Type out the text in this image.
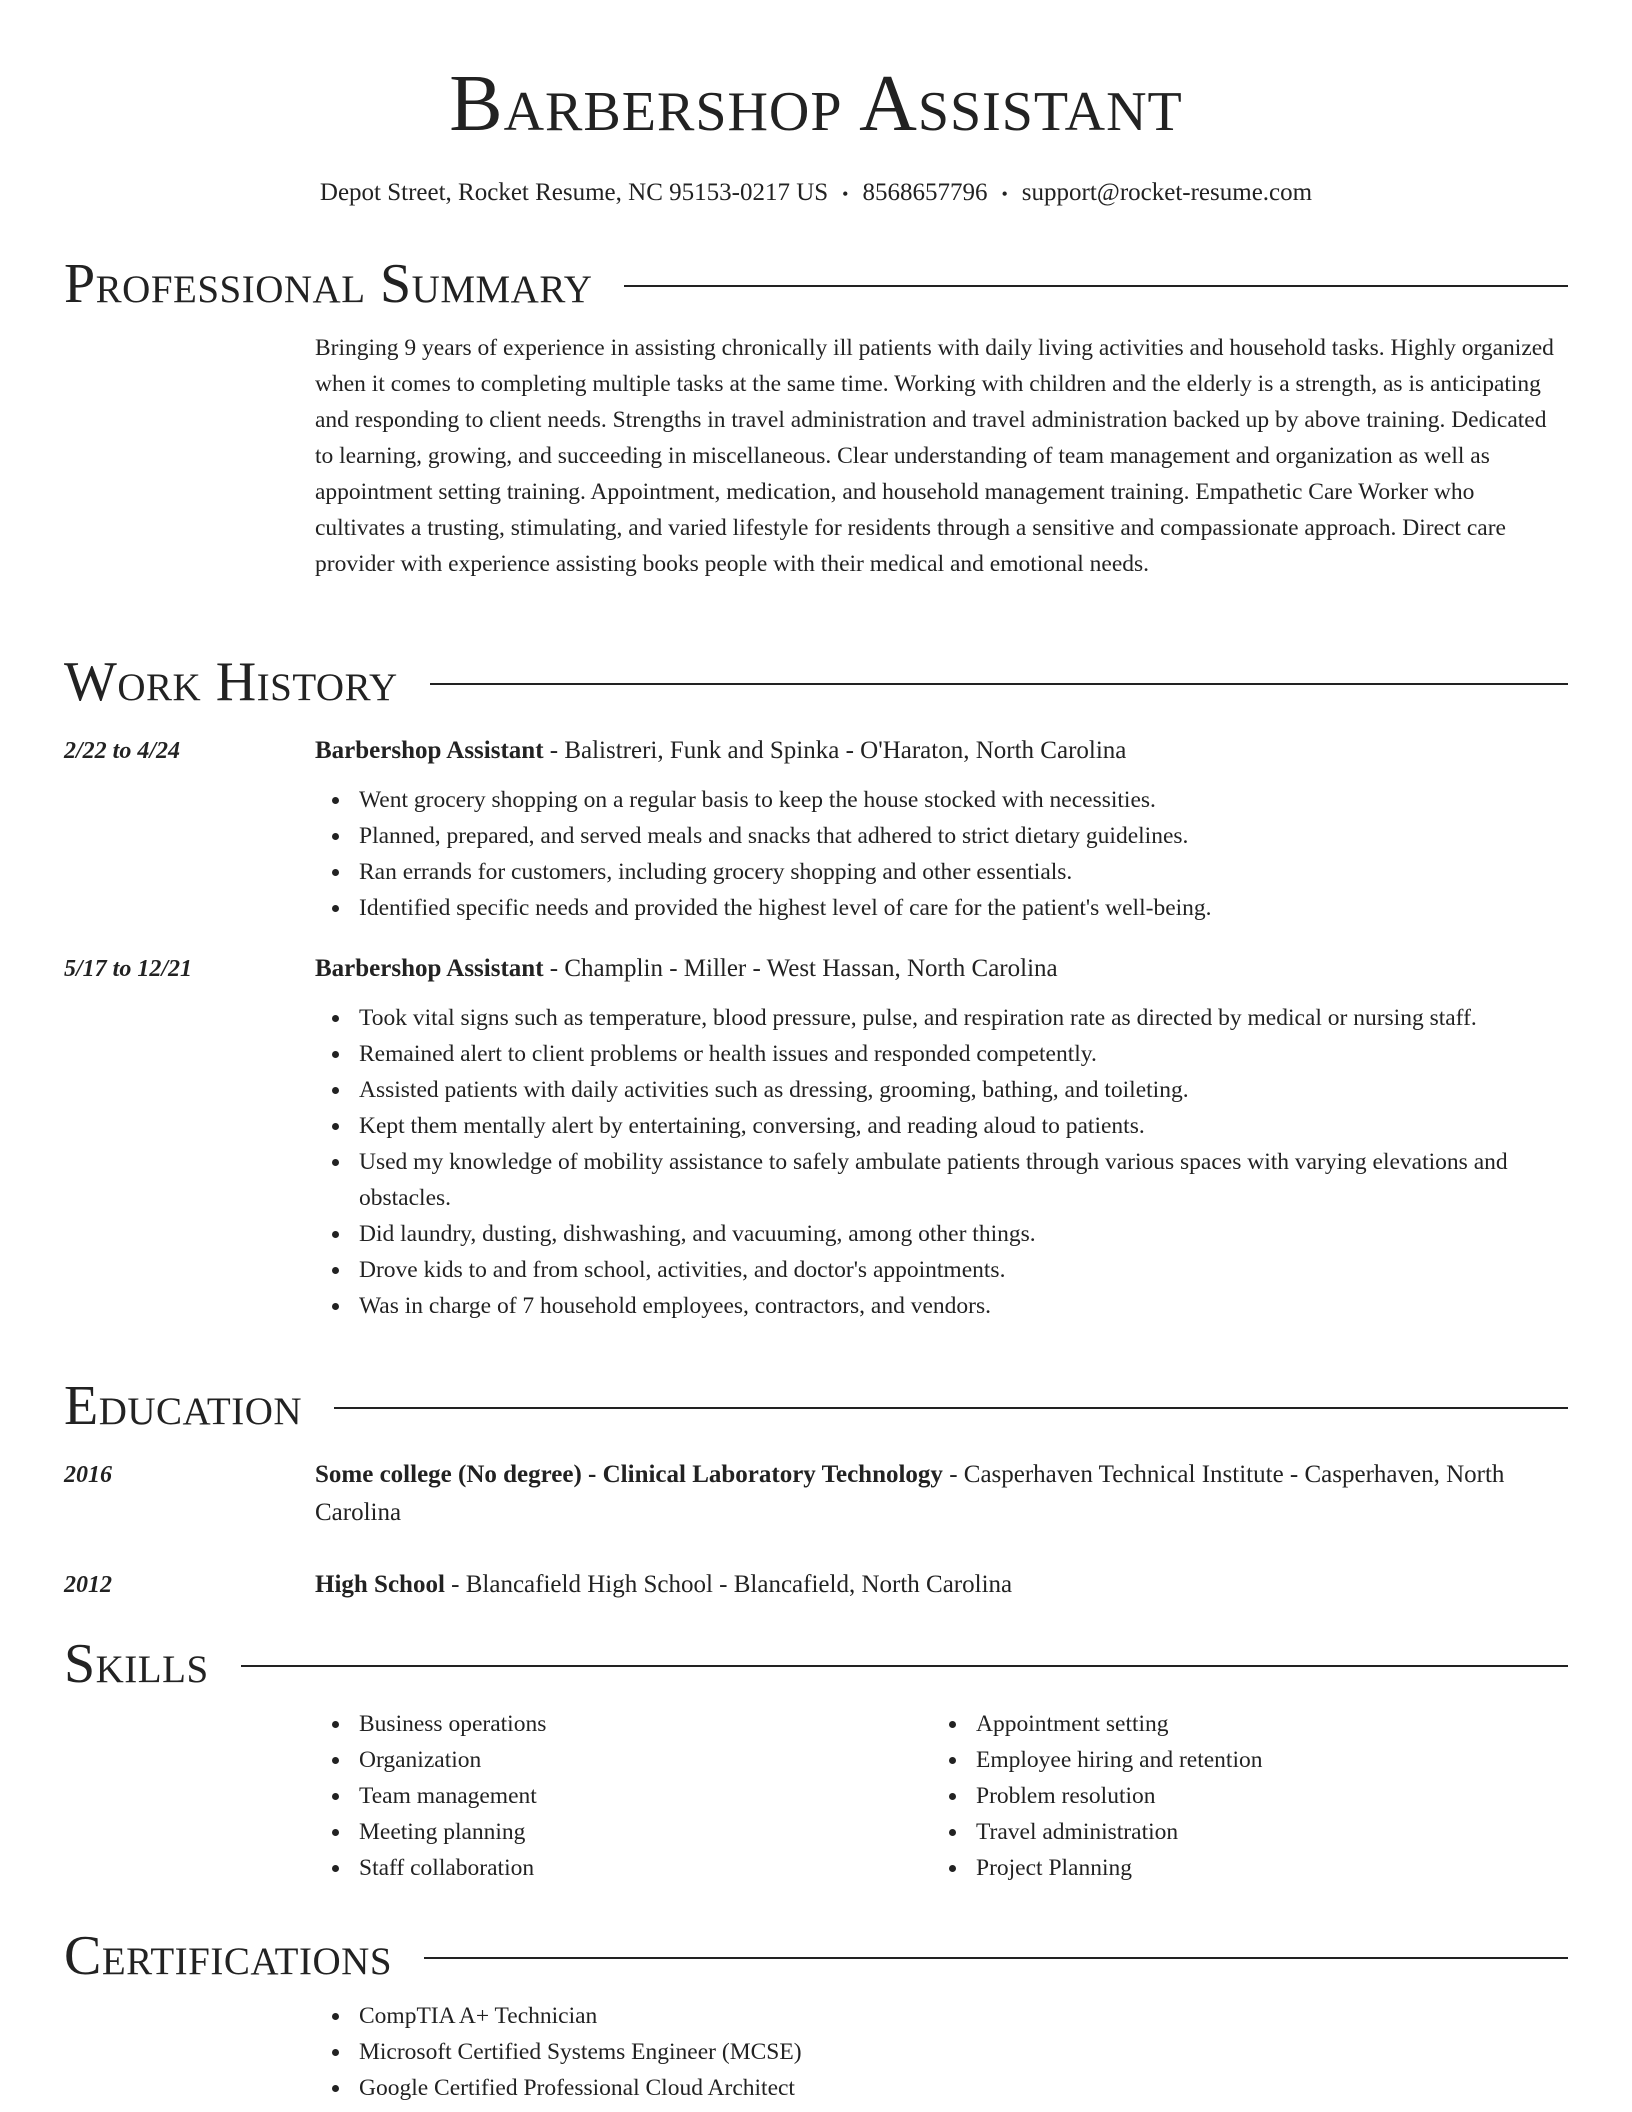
Barbershop Assistant
Depot Street, Rocket Resume, NC 95153-0217 US • 8568657796 • support@rocket-resume.com
Professional Summary
Bringing 9 years of experience in assisting chronically ill patients with daily living activities and household tasks. Highly organized when it comes to completing multiple tasks at the same time. Working with children and the elderly is a strength, as is anticipating and responding to client needs. Strengths in travel administration and travel administration backed up by above training. Dedicated to learning, growing, and succeeding in miscellaneous. Clear understanding of team management and organization as well as appointment setting training. Appointment, medication, and household management training. Empathetic Care Worker who cultivates a trusting, stimulating, and varied lifestyle for residents through a sensitive and compassionate approach. Direct care provider with experience assisting books people with their medical and emotional needs.
Work History
2/22 to 4/24	Barbershop Assistant - Balistreri, Funk and Spinka - O'Haraton, North Carolina
Went grocery shopping on a regular basis to keep the house stocked with necessities.
Planned, prepared, and served meals and snacks that adhered to strict dietary guidelines.
Ran errands for customers, including grocery shopping and other essentials.
Identified specific needs and provided the highest level of care for the patient's well-being.
5/17 to 12/21	Barbershop Assistant - Champlin - Miller - West Hassan, North Carolina
Took vital signs such as temperature, blood pressure, pulse, and respiration rate as directed by medical or nursing staff.
Remained alert to client problems or health issues and responded competently.
Assisted patients with daily activities such as dressing, grooming, bathing, and toileting.
Kept them mentally alert by entertaining, conversing, and reading aloud to patients.
Used my knowledge of mobility assistance to safely ambulate patients through various spaces with varying elevations and obstacles.
Did laundry, dusting, dishwashing, and vacuuming, among other things.
Drove kids to and from school, activities, and doctor's appointments.
Was in charge of 7 household employees, contractors, and vendors.
Education
2016	Some college (No degree) - Clinical Laboratory Technology - Casperhaven Technical Institute - Casperhaven, North Carolina
2012	High School - Blancafield High School - Blancafield, North Carolina
Skills
Business operations
Organization
Team management
Meeting planning
Staff collaboration
Appointment setting
Employee hiring and retention
Problem resolution
Travel administration
Project Planning
Certifications
CompTIA A+ Technician
Microsoft Certified Systems Engineer (MCSE)
Google Certified Professional Cloud Architect
